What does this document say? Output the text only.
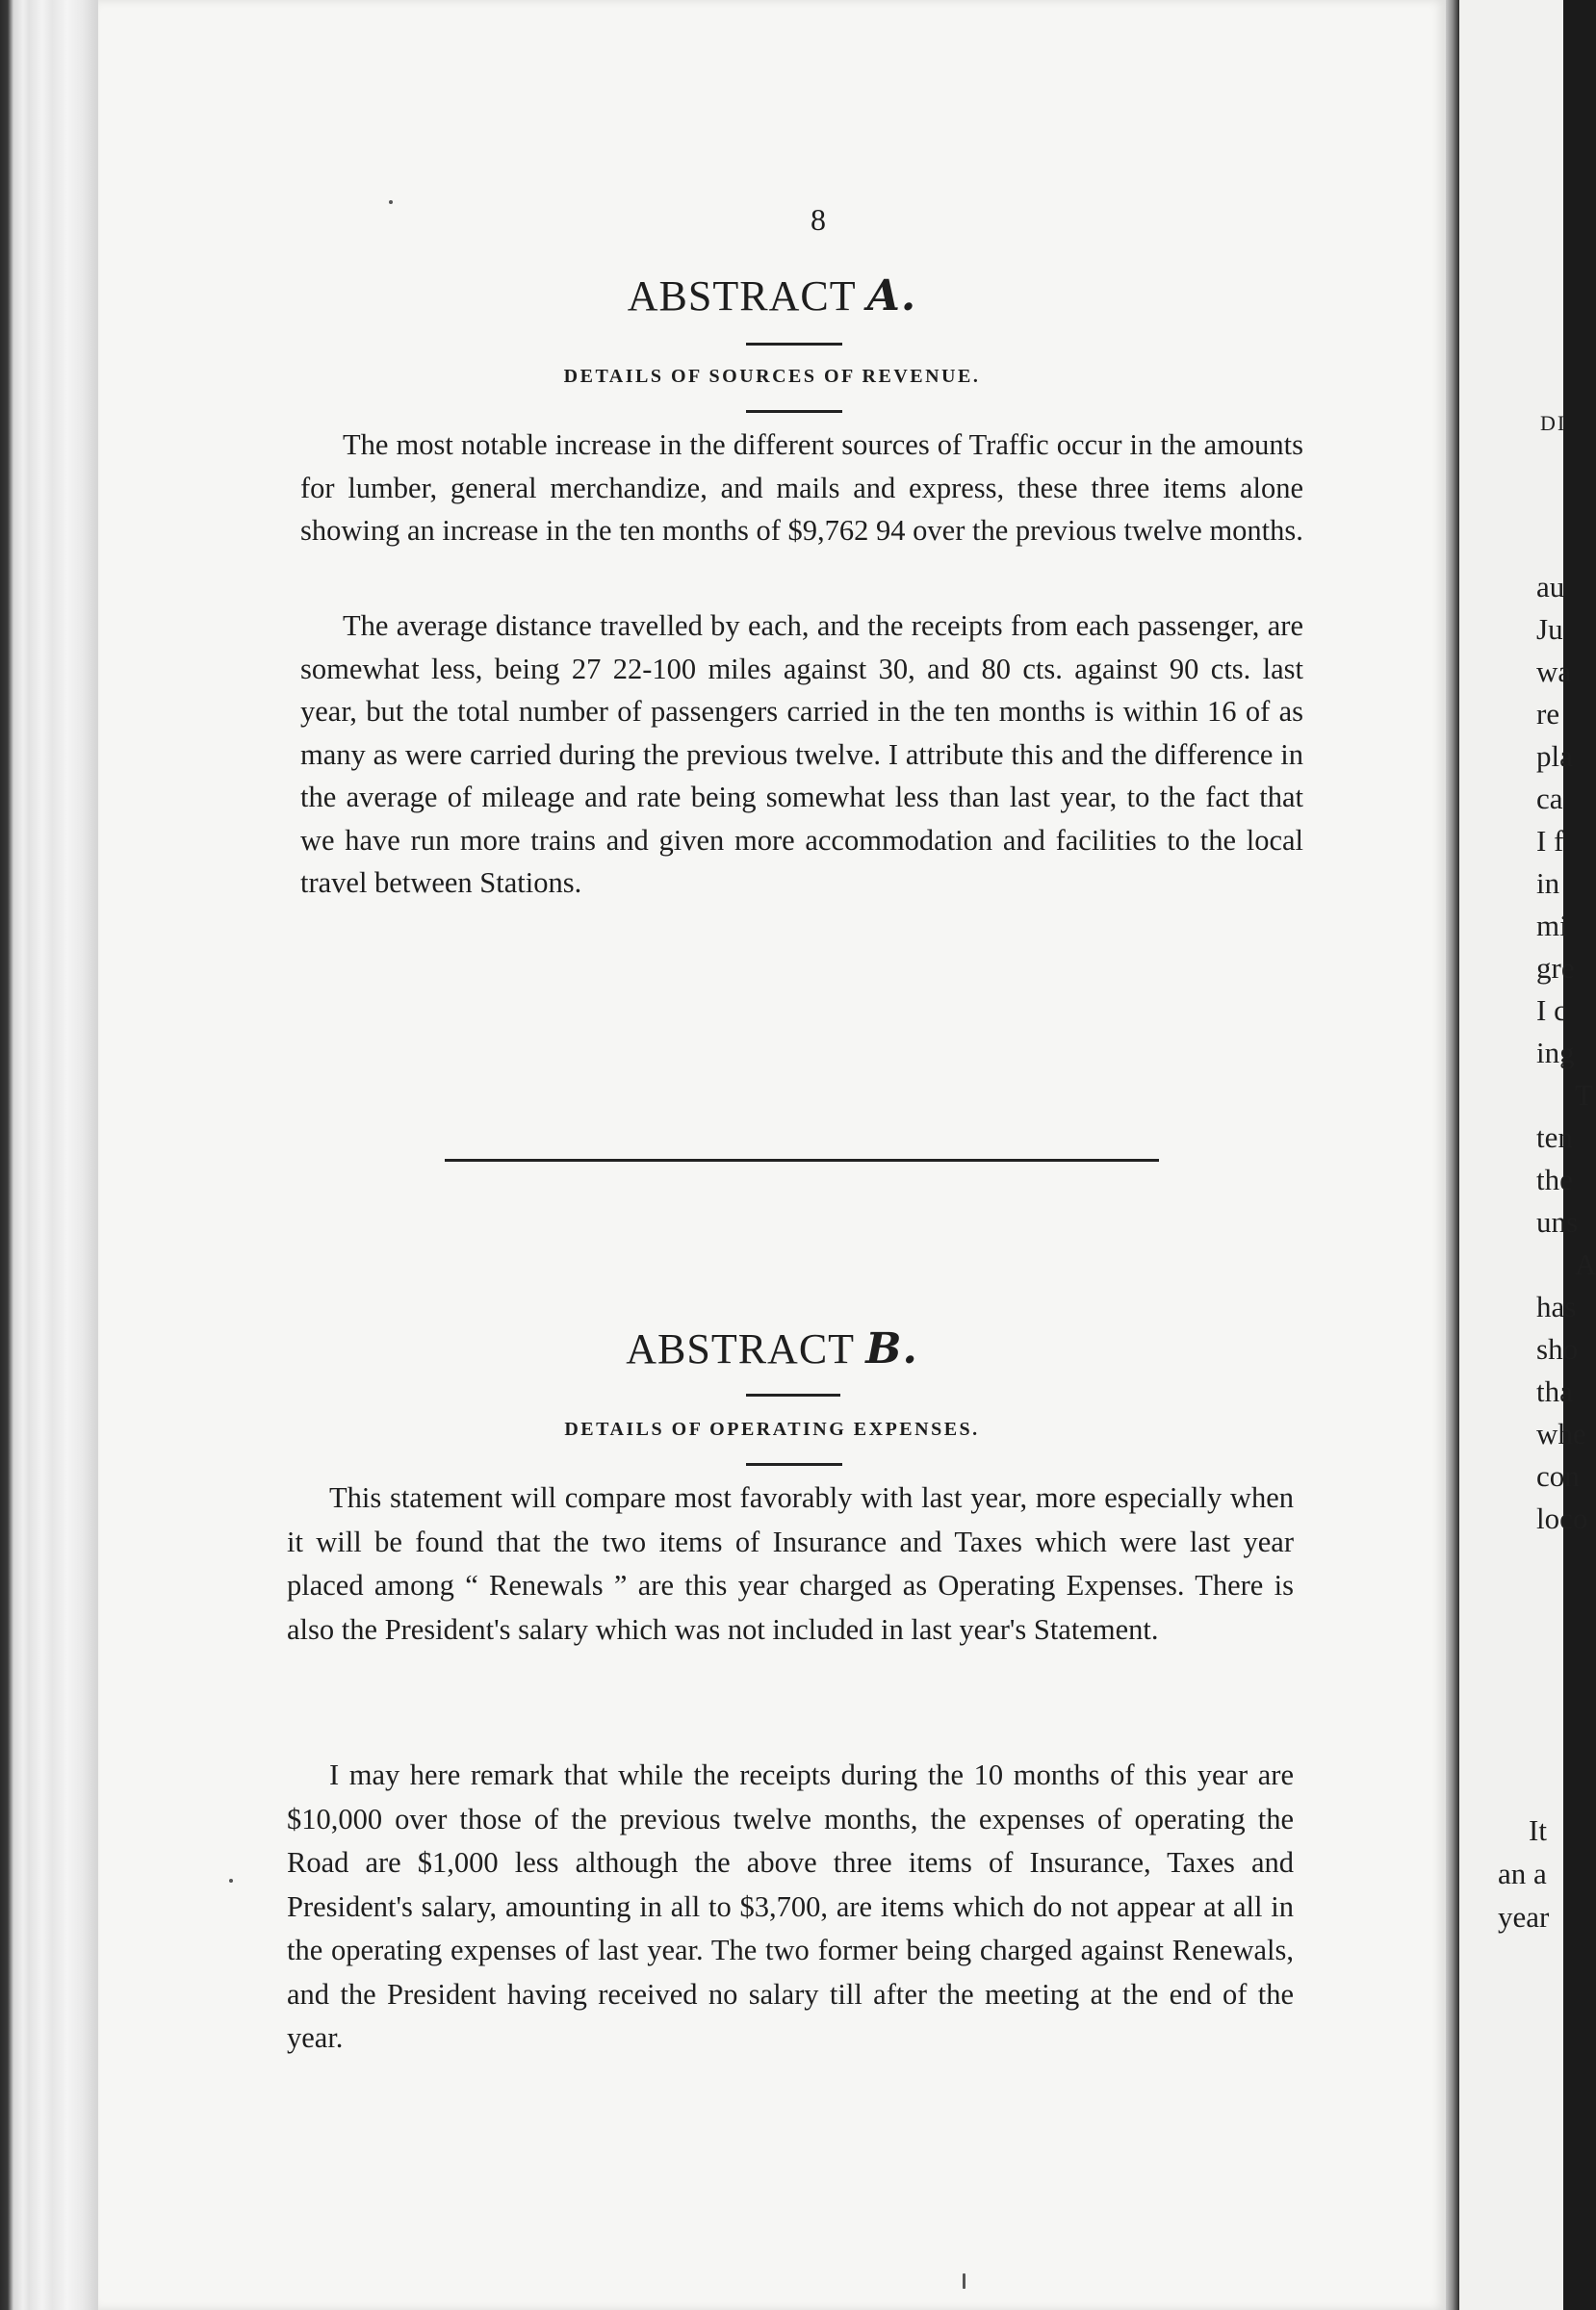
8
ABSTRACT A.
DETAILS OF SOURCES OF REVENUE.
The most notable increase in the different sources of Traffic occur in the amounts for lumber, general merchandize, and mails and express, these three items alone showing an increase in the ten months of $9,762 94 over the previous twelve months.
The average distance travelled by each, and the receipts from each passenger, are somewhat less, being 27 22-100 miles against 30, and 80 cts. against 90 cts. last year, but the total number of passengers carried in the ten months is within 16 of as many as were carried during the previous twelve. I attribute this and the difference in the average of mileage and rate being somewhat less than last year, to the fact that we have run more trains and given more accommodation and facilities to the local travel between Stations.
ABSTRACT B.
DETAILS OF OPERATING EXPENSES.
This statement will compare most favorably with last year, more especially when it will be found that the two items of Insurance and Taxes which were last year placed among “ Renewals ” are this year charged as Operating Expenses. There is also the President's salary which was not included in last year's Statement.
I may here remark that while the receipts during the 10 months of this year are $10,000 over those of the previous twelve months, the expenses of operating the Road are $1,000 less although the above three items of Insurance, Taxes and President's salary, amounting in all to $3,700, are items which do not appear at all in the operating expenses of last year. The two former being charged against Renewals, and the President having received no salary till after the meeting at the end of the year.
DI
au
Ju
wa
re
pla
ca
I f
in
mi
gre
I c
ing
T
ten
the
uns
A
has
sho
tha
whe
con
loco
It
an a
year
